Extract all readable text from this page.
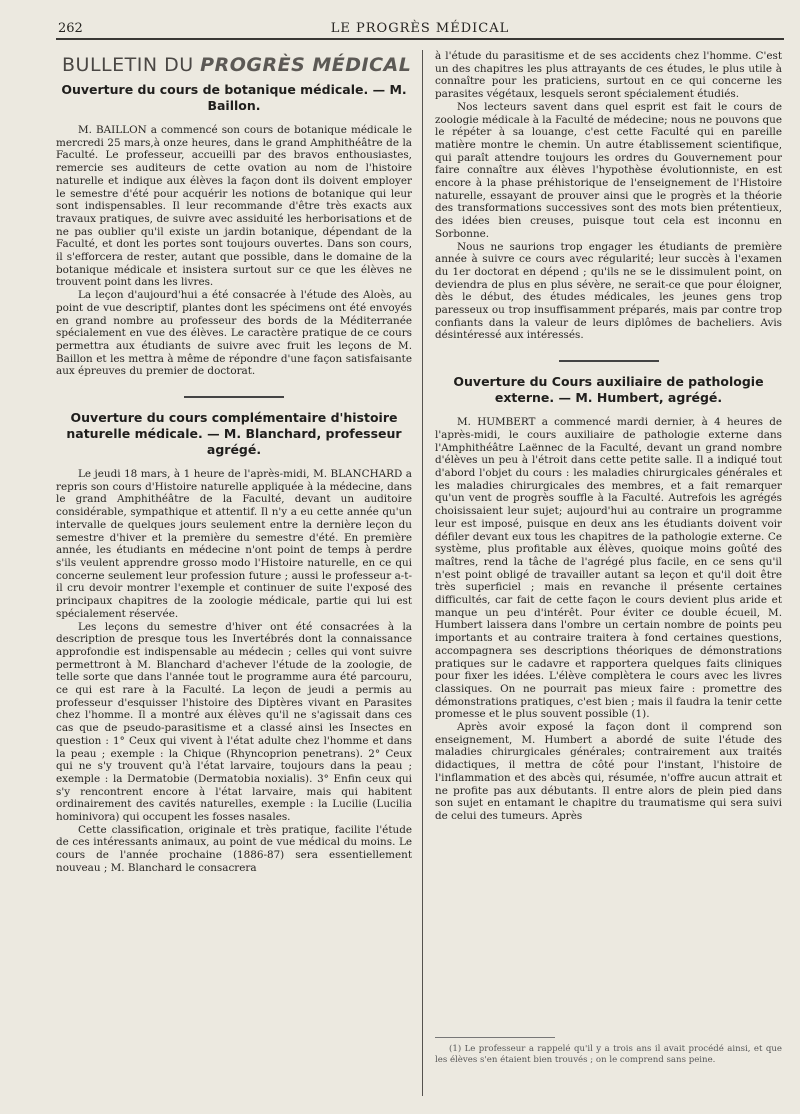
262	LE PROGRÈS MÉDICAL
BULLETIN DU PROGRÈS MÉDICAL
Ouverture du cours de botanique médicale. — M. Baillon.

M. BAILLON a commencé son cours de botanique médicale le mercredi 25 mars,à onze heures, dans le grand Amphithéâtre de la Faculté. Le professeur, accueilli par des bravos enthousiastes, remercie ses auditeurs de cette ovation au nom de l'histoire naturelle et indique aux élèves la façon dont ils doivent employer le semestre d'été pour acquérir les notions de botanique qui leur sont indispensables. Il leur recommande d'être très exacts aux travaux pratiques, de suivre avec assiduité les herborisations et de ne pas oublier qu'il existe un jardin botanique, dépendant de la Faculté, et dont les portes sont toujours ouvertes. Dans son cours, il s'efforcera de rester, autant que possible, dans le domaine de la botanique médicale et insistera surtout sur ce que les élèves ne trouvent point dans les livres.

La leçon d'aujourd'hui a été consacrée à l'étude des Aloès, au point de vue descriptif, plantes dont les spécimens ont été envoyés en grand nombre au professeur des bords de la Méditerranée spécialement en vue des élèves. Le caractère pratique de ce cours permettra aux étudiants de suivre avec fruit les leçons de M. Baillon et les mettra à même de répondre d'une façon satisfaisante aux épreuves du premier de doctorat.

Ouverture du cours complémentaire d'histoire naturelle médicale. — M. Blanchard, professeur agrégé.

Le jeudi 18 mars, à 1 heure de l'après-midi, M. BLANCHARD a repris son cours d'Histoire naturelle appliquée à la médecine, dans le grand Amphithéâtre de la Faculté, devant un auditoire considérable, sympathique et attentif. Il n'y a eu cette année qu'un intervalle de quelques jours seulement entre la dernière leçon du semestre d'hiver et la première du semestre d'été. En première année, les étudiants en médecine n'ont point de temps à perdre s'ils veulent apprendre grosso modo l'Histoire naturelle, en ce qui concerne seulement leur profession future ; aussi le professeur a-t-il cru devoir montrer l'exemple et continuer de suite l'exposé des principaux chapitres de la zoologie médicale, partie qui lui est spécialement réservée.

Les leçons du semestre d'hiver ont été consacrées à la description de presque tous les Invertébrés dont la connaissance approfondie est indispensable au médecin ; celles qui vont suivre permettront à M. Blanchard d'achever l'étude de la zoologie, de telle sorte que dans l'année tout le programme aura été parcouru, ce qui est rare à la Faculté. La leçon de jeudi a permis au professeur d'esquisser l'histoire des Diptères vivant en Parasites chez l'homme. Il a montré aux élèves qu'il ne s'agissait dans ces cas que de pseudo-parasitisme et a classé ainsi les Insectes en question : 1° Ceux qui vivent à l'état adulte chez l'homme et dans la peau ; exemple : la Chique (Rhyncoprion penetrans). 2° Ceux qui ne s'y trouvent qu'à l'état larvaire, toujours dans la peau ; exemple : la Dermatobie (Dermatobia noxialis). 3° Enfin ceux qui s'y rencontrent encore à l'état larvaire, mais qui habitent ordinairement des cavités naturelles, exemple : la Lucilie (Lucilia hominivora) qui occupent les fosses nasales.

Cette classification, originale et très pratique, facilite l'étude de ces intéressants animaux, au point de vue médical du moins. Le cours de l'année prochaine (1886-87) sera essentiellement nouveau ; M. Blanchard le consacrera

à l'étude du parasitisme et de ses accidents chez l'homme. C'est un des chapitres les plus attrayants de ces études, le plus utile à connaître pour les praticiens, surtout en ce qui concerne les parasites végétaux, lesquels seront spécialement étudiés.

Nos lecteurs savent dans quel esprit est fait le cours de zoologie médicale à la Faculté de médecine; nous ne pouvons que le répéter à sa louange, c'est cette Faculté qui en pareille matière montre le chemin. Un autre établissement scientifique, qui paraît attendre toujours les ordres du Gouvernement pour faire connaître aux élèves l'hypothèse évolutionniste, en est encore à la phase préhistorique de l'enseignement de l'Histoire naturelle, essayant de prouver ainsi que le progrès et la théorie des transformations successives sont des mots bien prétentieux, des idées bien creuses, puisque tout cela est inconnu en Sorbonne.

Nous ne saurions trop engager les étudiants de première année à suivre ce cours avec régularité; leur succès à l'examen du 1er doctorat en dépend ; qu'ils ne se le dissimulent point, on deviendra de plus en plus sévère, ne serait-ce que pour éloigner, dès le début, des études médicales, les jeunes gens trop paresseux ou trop insuffisamment préparés, mais par contre trop confiants dans la valeur de leurs diplômes de bacheliers. Avis désintéressé aux intéressés.

Ouverture du Cours auxiliaire de pathologie externe. — M. Humbert, agrégé.

M. HUMBERT a commencé mardi dernier, à 4 heures de l'après-midi, le cours auxiliaire de pathologie externe dans l'Amphithéâtre Laënnec de la Faculté, devant un grand nombre d'élèves un peu à l'étroit dans cette petite salle. Il a indiqué tout d'abord l'objet du cours : les maladies chirurgicales générales et les maladies chirurgicales des membres, et a fait remarquer qu'un vent de progrès souffle à la Faculté. Autrefois les agrégés choisissaient leur sujet; aujourd'hui au contraire un programme leur est imposé, puisque en deux ans les étudiants doivent voir défiler devant eux tous les chapitres de la pathologie externe. Ce système, plus profitable aux élèves, quoique moins goûté des maîtres, rend la tâche de l'agrégé plus facile, en ce sens qu'il n'est point obligé de travailler autant sa leçon et qu'il doit être très superficiel ; mais en revanche il présente certaines difficultés, car fait de cette façon le cours devient plus aride et manque un peu d'intérêt. Pour éviter ce double écueil, M. Humbert laissera dans l'ombre un certain nombre de points peu importants et au contraire traitera à fond certaines questions, accompagnera ses descriptions théoriques de démonstrations pratiques sur le cadavre et rapportera quelques faits cliniques pour fixer les idées. L'élève complètera le cours avec les livres classiques. On ne pourrait pas mieux faire : promettre des démonstrations pratiques, c'est bien ; mais il faudra la tenir cette promesse et le plus souvent possible (1).

Après avoir exposé la façon dont il comprend son enseignement, M. Humbert a abordé de suite l'étude des maladies chirurgicales générales; contrairement aux traités didactiques, il mettra de côté pour l'instant, l'histoire de l'inflammation et des abcès qui, résumée, n'offre aucun attrait et ne profite pas aux débutants. Il entre alors de plein pied dans son sujet en entamant le chapitre du traumatisme qui sera suivi de celui des tumeurs. Après

(1) Le professeur a rappelé qu'il y a trois ans il avait procédé ainsi, et que les élèves s'en étaient bien trouvés ; on le comprend sans peine.
